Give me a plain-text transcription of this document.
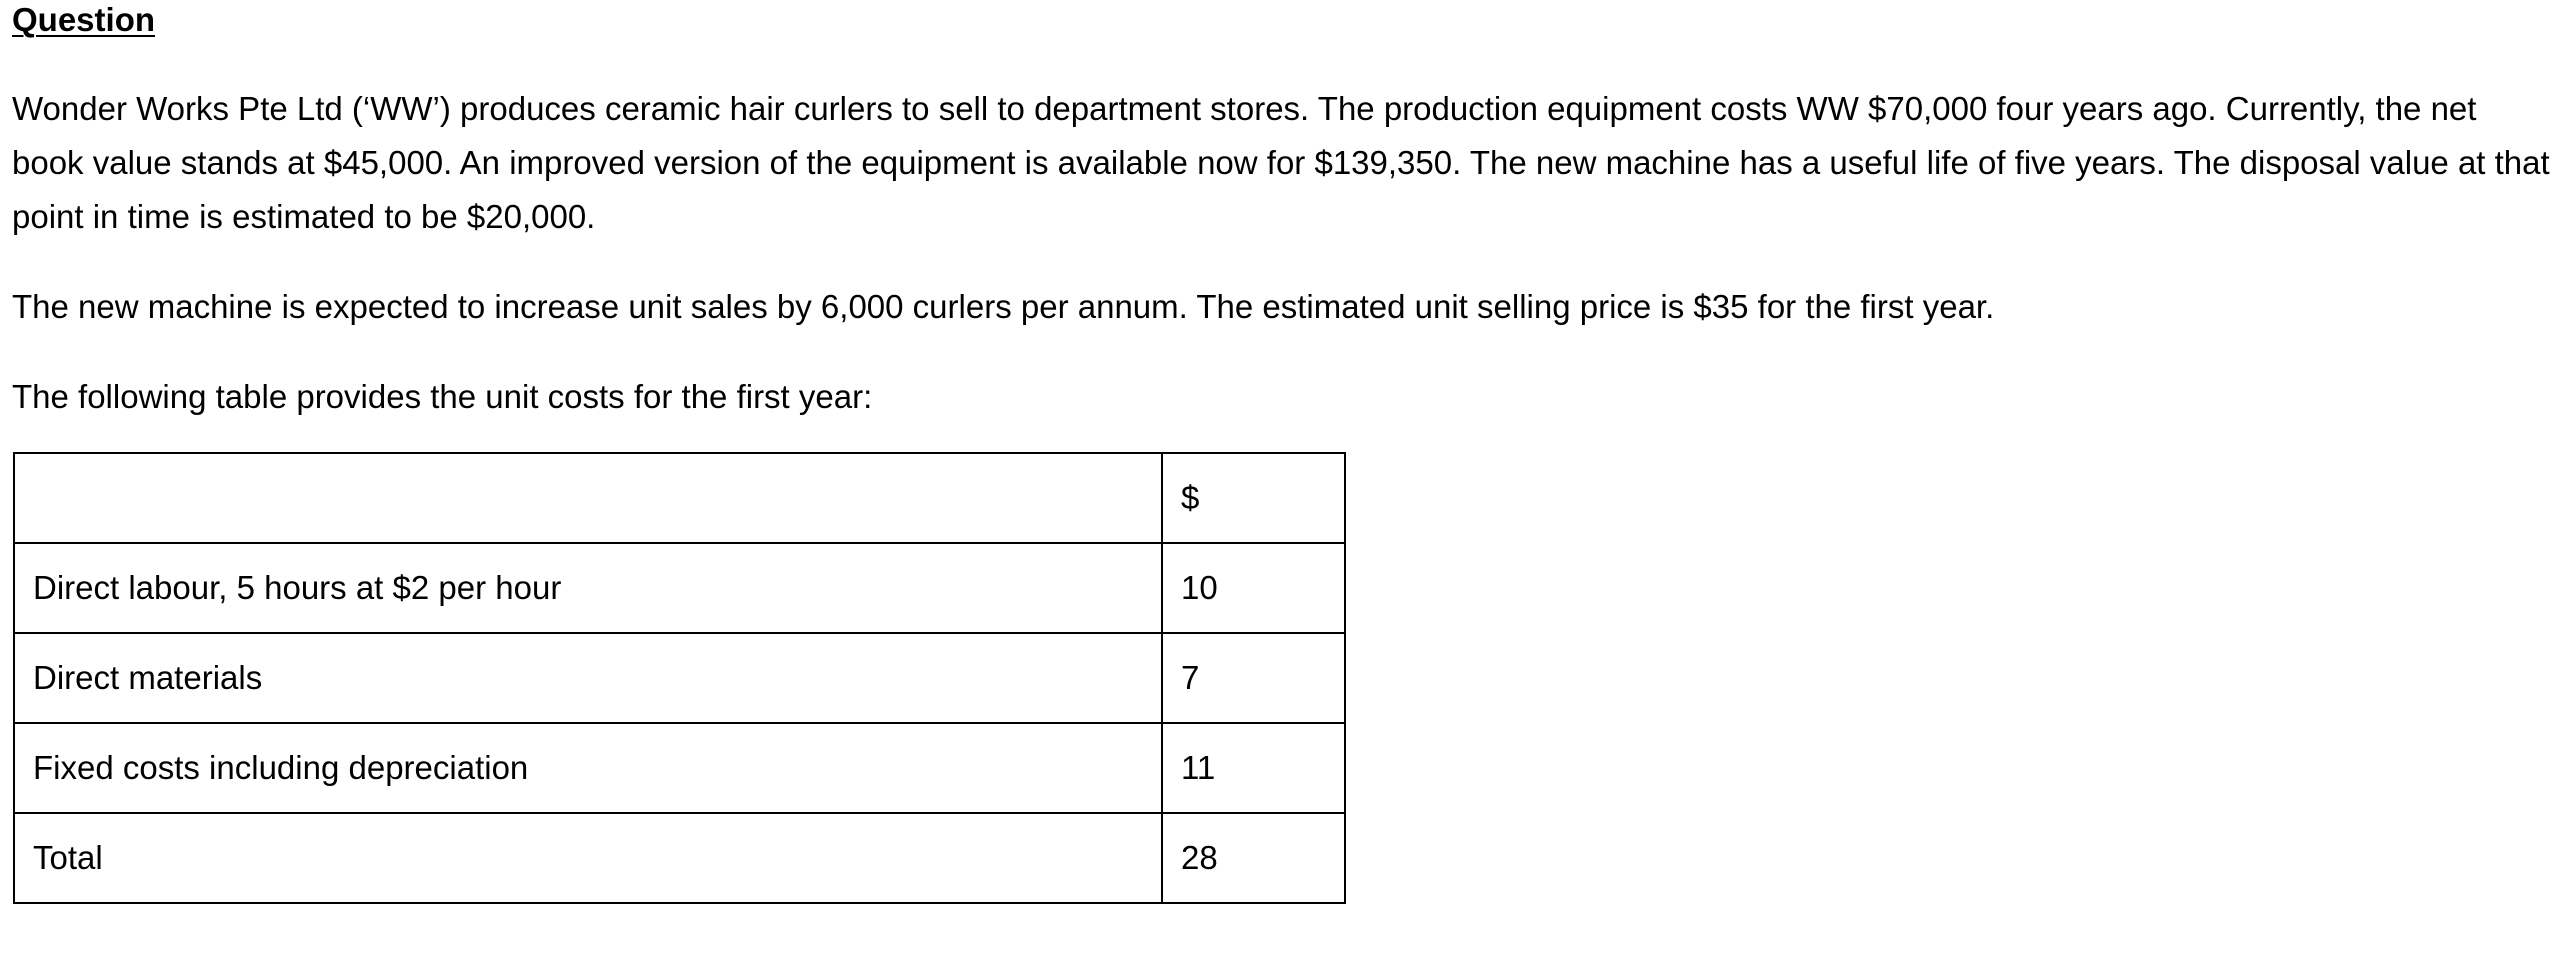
Question

Wonder Works Pte Ltd (‘WW’) produces ceramic hair curlers to sell to department stores. The production equipment costs WW $70,000 four years ago. Currently, the net book value stands at $45,000. An improved version of the equipment is available now for $139,350. The new machine has a useful life of five years. The disposal value at that point in time is estimated to be $20,000.

The new machine is expected to increase unit sales by 6,000 curlers per annum. The estimated unit selling price is $35 for the first year.

The following table provides the unit costs for the first year:

	$
Direct labour, 5 hours at $2 per hour	10
Direct materials	7
Fixed costs including depreciation	11
Total	28
